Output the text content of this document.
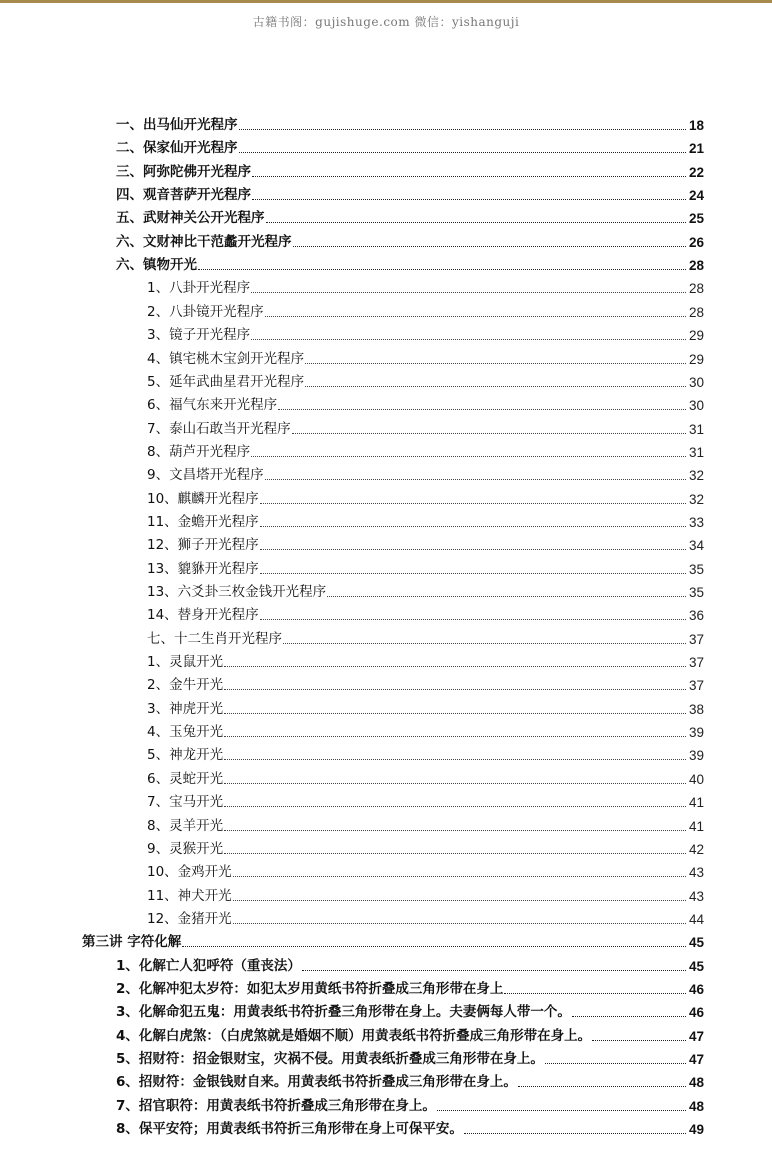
古籍书阁：gujishuge.com 微信：yishanguji
一、出马仙开光程序	18
二、保家仙开光程序	21
三、阿弥陀佛开光程序	22
四、观音菩萨开光程序	24
五、武财神关公开光程序	25
六、文财神比干范蠡开光程序	26
六、镇物开光	28
1、八卦开光程序	28
2、八卦镜开光程序	28
3、镜子开光程序	29
4、镇宅桃木宝剑开光程序	29
5、延年武曲星君开光程序	30
6、福气东来开光程序	30
7、泰山石敢当开光程序	31
8、葫芦开光程序	31
9、文昌塔开光程序	32
10、麒麟开光程序	32
11、金蟾开光程序	33
12、狮子开光程序	34
13、貔貅开光程序	35
13、六爻卦三枚金钱开光程序	35
14、替身开光程序	36
七、十二生肖开光程序	37
1、灵鼠开光	37
2、金牛开光	37
3、神虎开光	38
4、玉兔开光	39
5、神龙开光	39
6、灵蛇开光	40
7、宝马开光	41
8、灵羊开光	41
9、灵猴开光	42
10、金鸡开光	43
11、神犬开光	43
12、金猪开光	44
第三讲 字符化解	45
1、化解亡人犯呼符（重丧法）	45
2、化解冲犯太岁符：如犯太岁用黄纸书符折叠成三角形带在身上	46
3、化解命犯五鬼：用黄表纸书符折叠三角形带在身上。夫妻俩每人带一个。	46
4、化解白虎煞：（白虎煞就是婚姻不顺）用黄表纸书符折叠成三角形带在身上。	47
5、招财符：招金银财宝，灾祸不侵。用黄表纸折叠成三角形带在身上。	47
6、招财符：金银钱财自来。用黄表纸书符折叠成三角形带在身上。	48
7、招官职符：用黄表纸书符折叠成三角形带在身上。	48
8、保平安符；用黄表纸书符折三角形带在身上可保平安。	49
